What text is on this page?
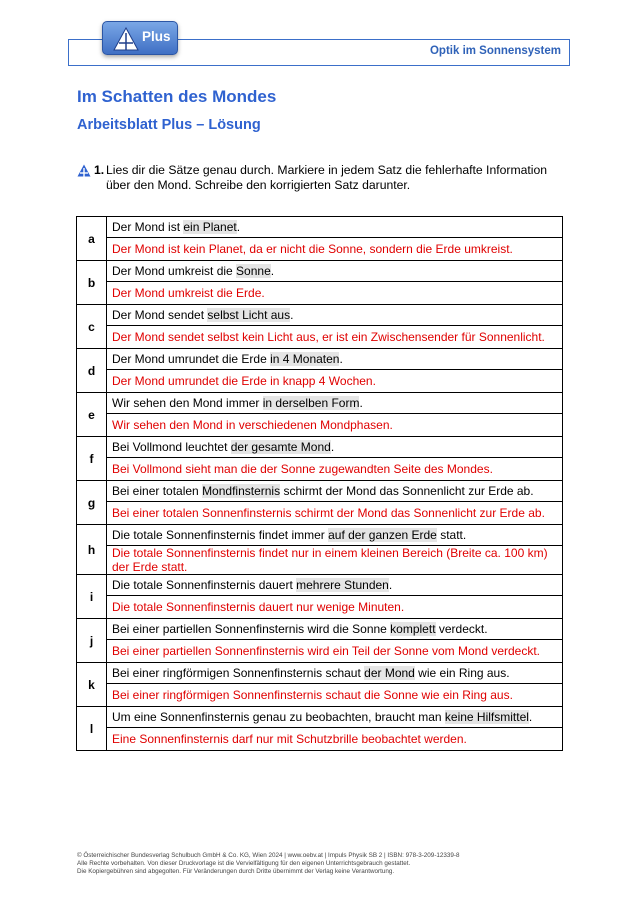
Optik im Sonnensystem
Plus
Im Schatten des Mondes
Arbeitsblatt Plus – Lösung
1. Lies dir die Sätze genau durch. Markiere in jedem Satz die fehlerhafte Information über den Mond. Schreibe den korrigierten Satz darunter.
a	Der Mond ist ein Planet.
	Der Mond ist kein Planet, da er nicht die Sonne, sondern die Erde umkreist.
b	Der Mond umkreist die Sonne.
	Der Mond umkreist die Erde.
c	Der Mond sendet selbst Licht aus.
	Der Mond sendet selbst kein Licht aus, er ist ein Zwischensender für Sonnenlicht.
d	Der Mond umrundet die Erde in 4 Monaten.
	Der Mond umrundet die Erde in knapp 4 Wochen.
e	Wir sehen den Mond immer in derselben Form.
	Wir sehen den Mond in verschiedenen Mondphasen.
f	Bei Vollmond leuchtet der gesamte Mond.
	Bei Vollmond sieht man die der Sonne zugewandten Seite des Mondes.
g	Bei einer totalen Mondfinsternis schirmt der Mond das Sonnenlicht zur Erde ab.
	Bei einer totalen Sonnenfinsternis schirmt der Mond das Sonnenlicht zur Erde ab.
h	Die totale Sonnenfinsternis findet immer auf der ganzen Erde statt.
	Die totale Sonnenfinsternis findet nur in einem kleinen Bereich (Breite ca. 100 km) der Erde statt.
i	Die totale Sonnenfinsternis dauert mehrere Stunden.
	Die totale Sonnenfinsternis dauert nur wenige Minuten.
j	Bei einer partiellen Sonnenfinsternis wird die Sonne komplett verdeckt.
	Bei einer partiellen Sonnenfinsternis wird ein Teil der Sonne vom Mond verdeckt.
k	Bei einer ringförmigen Sonnenfinsternis schaut der Mond wie ein Ring aus.
	Bei einer ringförmigen Sonnenfinsternis schaut die Sonne wie ein Ring aus.
l	Um eine Sonnenfinsternis genau zu beobachten, braucht man keine Hilfsmittel.
	Eine Sonnenfinsternis darf nur mit Schutzbrille beobachtet werden.
© Österreichischer Bundesverlag Schulbuch GmbH & Co. KG, Wien 2024 | www.oebv.at | Impuls Physik SB 2 | ISBN: 978-3-209-12339-8
Alle Rechte vorbehalten. Von dieser Druckvorlage ist die Vervielfältigung für den eigenen Unterrichtsgebrauch gestattet.
Die Kopiergebühren sind abgegolten. Für Veränderungen durch Dritte übernimmt der Verlag keine Verantwortung.
